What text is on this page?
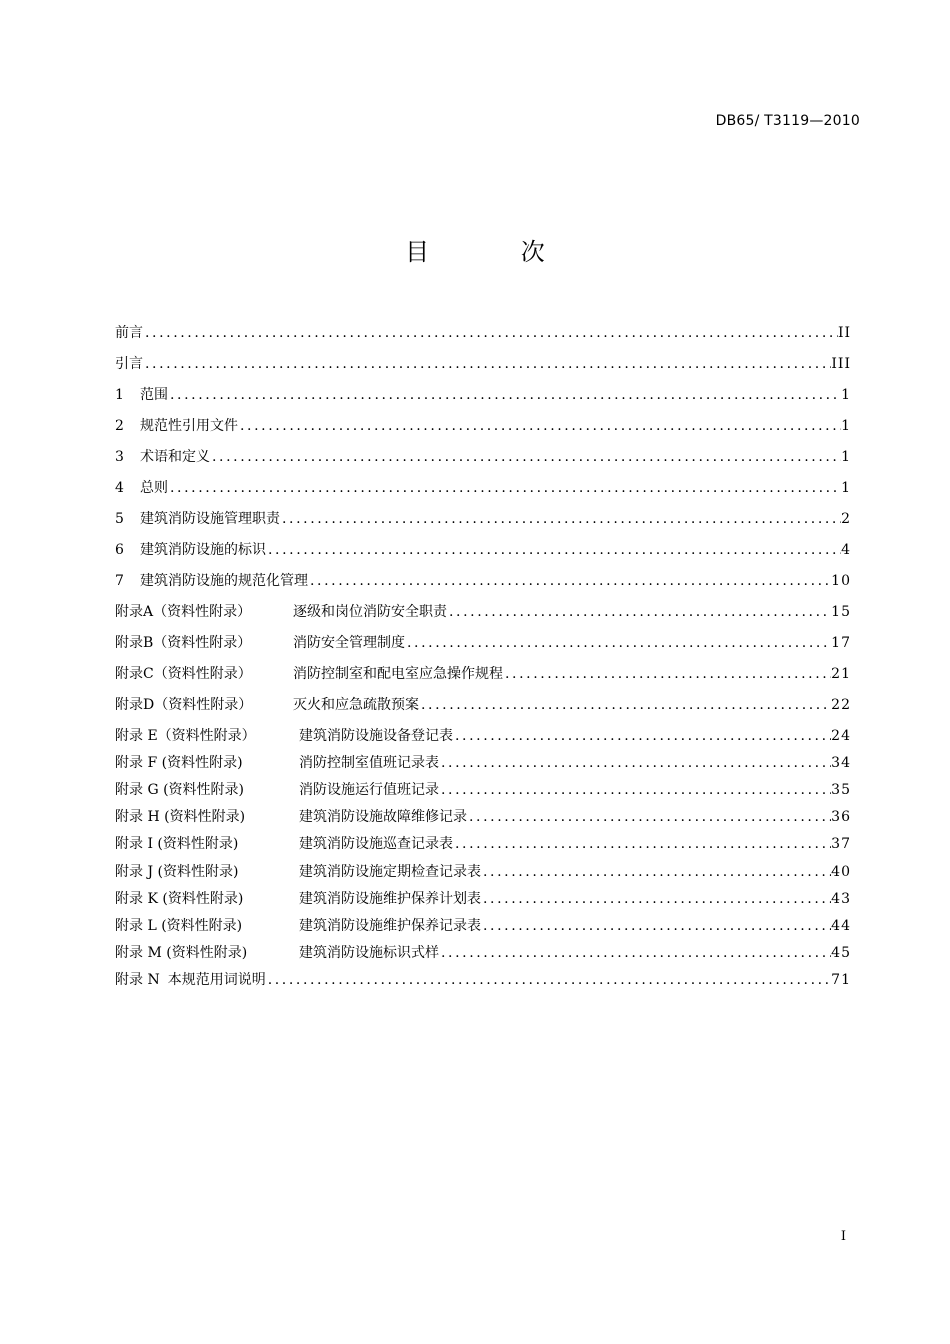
DB65/ T3119—2010
目 次
前言 .....	II
引言 .....	III
1 范围 .....	1
2 规范性引用文件 .....	1
3 术语和定义 .....	1
4 总则 .....	1
5 建筑消防设施管理职责 .....	2
6 建筑消防设施的标识 .....	4
7 建筑消防设施的规范化管理 .....	10
附录A（资料性附录）	逐级和岗位消防安全职责 .....	15
附录B（资料性附录）	消防安全管理制度 .....	17
附录C（资料性附录）	消防控制室和配电室应急操作规程 .....	21
附录D（资料性附录）	灭火和应急疏散预案 .....	22
附录 E（资料性附录）	建筑消防设施设备登记表 .....	24
附录 F (资料性附录)	消防控制室值班记录表 .....	34
附录 G (资料性附录)	消防设施运行值班记录 .....	35
附录 H (资料性附录)	建筑消防设施故障维修记录 .....	36
附录 I (资料性附录)	建筑消防设施巡查记录表 .....	37
附录 J (资料性附录)	建筑消防设施定期检查记录表 .....	40
附录 K (资料性附录)	建筑消防设施维护保养计划表 .....	43
附录 L (资料性附录)	建筑消防设施维护保养记录表 .....	44
附录 M (资料性附录)	建筑消防设施标识式样 .....	45
附录 N 本规范用词说明 .....	71
I
